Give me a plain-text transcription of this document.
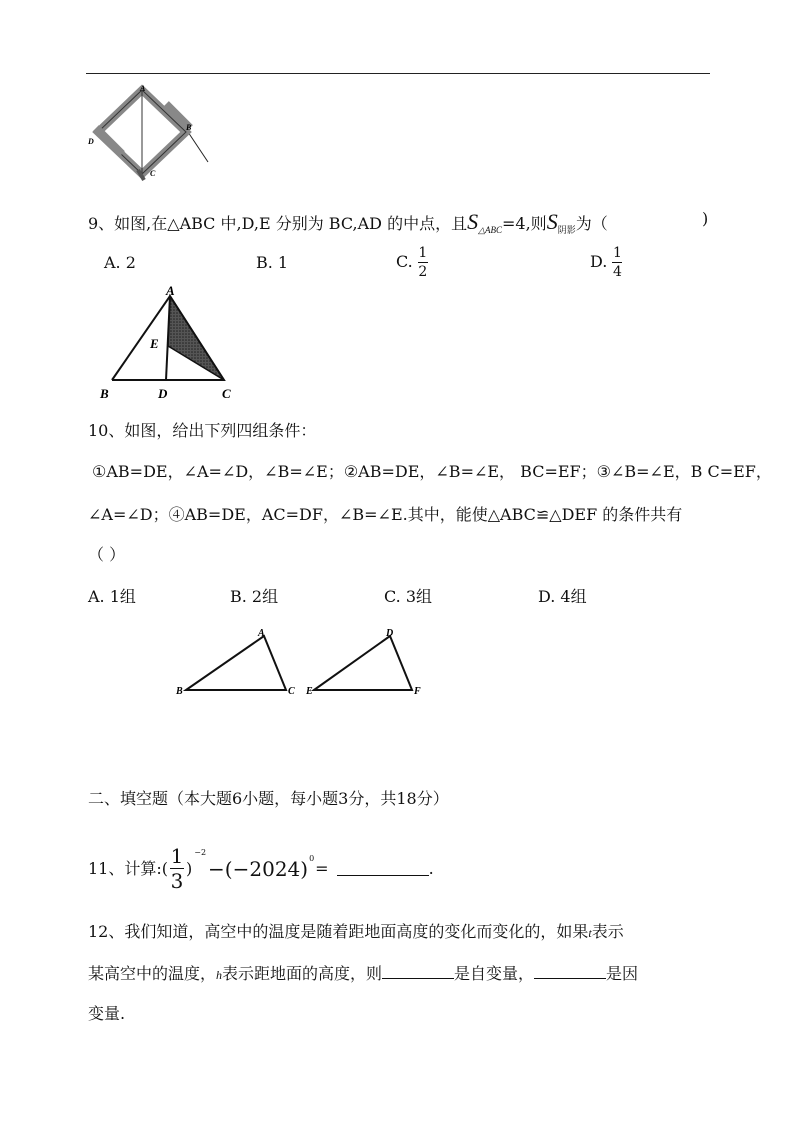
A
B
C
D
9、如图,在△ABC 中,D,E 分别为 BC,AD 的中点，且$S_{\triangle ABC}=4$,则$S_{阴影}$为（	)
A. 2	B. 1	C. $\frac{1}{2}$	D. $\frac{1}{4}$
A
E
B	D	C
10、如图，给出下列四组条件：
①AB=DE，∠A=∠D，∠B=∠E；②AB=DE，∠B=∠E， BC=EF；③∠B=∠E，B C=EF，
∠A=∠D；④AB=DE，AC=DF，∠B=∠E.其中，能使△ABC≌△DEF 的条件共有
（ ）
A. 1组	B. 2组	C. 3组	D. 4组
A
B	C
D
E	F
二、填空题（本大题6小题，每小题3分，共18分）
11、计算:( $\frac{1}{3}$ )
−2
−(−2024) 0
=	.
12、我们知道，高空中的温度是随着距地面高度的变化而变化的，如果t表示
某高空中的温度，h表示距地面的高度，则	是自变量，	是因
变量.
